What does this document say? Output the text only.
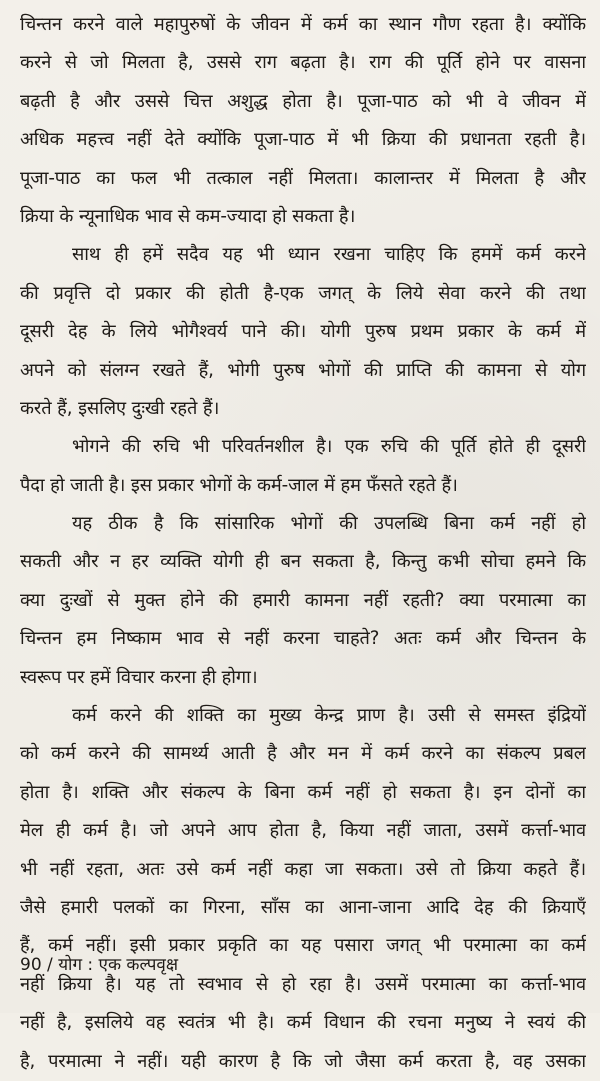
चिन्तन करने वाले महापुरुषों के जीवन में कर्म का स्थान गौण रहता है। क्योंकि
करने से जो मिलता है, उससे राग बढ़ता है। राग की पूर्ति होने पर वासना
बढ़ती है और उससे चित्त अशुद्ध होता है। पूजा-पाठ को भी वे जीवन में
अधिक महत्त्व नहीं देते क्योंकि पूजा-पाठ में भी क्रिया की प्रधानता रहती है।
पूजा-पाठ का फल भी तत्काल नहीं मिलता। कालान्तर में मिलता है और
क्रिया के न्यूनाधिक भाव से कम-ज्यादा हो सकता है।
साथ ही हमें सदैव यह भी ध्यान रखना चाहिए कि हममें कर्म करने
की प्रवृत्ति दो प्रकार की होती है-एक जगत् के लिये सेवा करने की तथा
दूसरी देह के लिये भोगैश्वर्य पाने की। योगी पुरुष प्रथम प्रकार के कर्म में
अपने को संलग्न रखते हैं, भोगी पुरुष भोगों की प्राप्ति की कामना से योग
करते हैं, इसलिए दुःखी रहते हैं।
भोगने की रुचि भी परिवर्तनशील है। एक रुचि की पूर्ति होते ही दूसरी
पैदा हो जाती है। इस प्रकार भोगों के कर्म-जाल में हम फँसते रहते हैं।
यह ठीक है कि सांसारिक भोगों की उपलब्धि बिना कर्म नहीं हो
सकती और न हर व्यक्ति योगी ही बन सकता है, किन्तु कभी सोचा हमने कि
क्या दुःखों से मुक्त होने की हमारी कामना नहीं रहती? क्या परमात्मा का
चिन्तन हम निष्काम भाव से नहीं करना चाहते? अतः कर्म और चिन्तन के
स्वरूप पर हमें विचार करना ही होगा।
कर्म करने की शक्ति का मुख्य केन्द्र प्राण है। उसी से समस्त इंद्रियों
को कर्म करने की सामर्थ्य आती है और मन में कर्म करने का संकल्प प्रबल
होता है। शक्ति और संकल्प के बिना कर्म नहीं हो सकता है। इन दोनों का
मेल ही कर्म है। जो अपने आप होता है, किया नहीं जाता, उसमें कर्त्ता-भाव
भी नहीं रहता, अतः उसे कर्म नहीं कहा जा सकता। उसे तो क्रिया कहते हैं।
जैसे हमारी पलकों का गिरना, साँस का आना-जाना आदि देह की क्रियाएँ
हैं, कर्म नहीं। इसी प्रकार प्रकृति का यह पसारा जगत् भी परमात्मा का कर्म
नहीं क्रिया है। यह तो स्वभाव से हो रहा है। उसमें परमात्मा का कर्त्ता-भाव
नहीं है, इसलिये वह स्वतंत्र भी है। कर्म विधान की रचना मनुष्य ने स्वयं की
है, परमात्मा ने नहीं। यही कारण है कि जो जैसा कर्म करता है, वह उसका
90 / योग : एक कल्पवृक्ष
